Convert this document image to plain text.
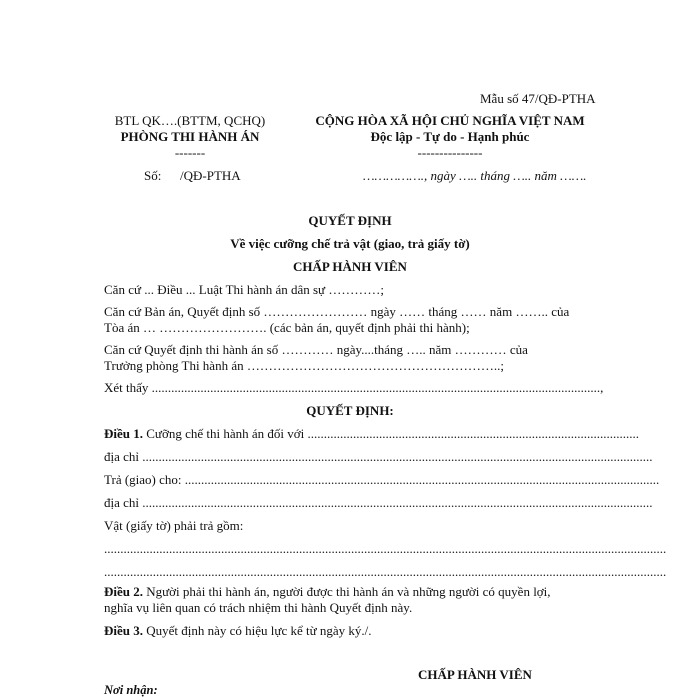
Mẫu số 47/QĐ-PTHA
BTL QK….(BTTM, QCHQ)
PHÒNG THI HÀNH ÁN
-------
Số: /QĐ-PTHA
CỘNG HÒA XÃ HỘI CHỦ NGHĨA VIỆT NAM
Độc lập - Tự do - Hạnh phúc
---------------
……………., ngày ….. tháng ….. năm …….
QUYẾT ĐỊNH
Về việc cưỡng chế trả vật (giao, trả giấy tờ)
CHẤP HÀNH VIÊN
Căn cứ ... Điều ... Luật Thi hành án dân sự …………;
Căn cứ Bản án, Quyết định số …………………… ngày …… tháng …… năm …….. của
Tòa án … ……………………. (các bản án, quyết định phải thi hành);
Căn cứ Quyết định thi hành án số ………… ngày....tháng ….. năm ………… của
Trưởng phòng Thi hành án …………………………………………………..;
Xét thấy ..........................................................................................................................................,
QUYẾT ĐỊNH:
Điều 1. Cưỡng chế thi hành án đối với ......................................................................................................
địa chỉ .............................................................................................................................................................
Trả (giao) cho: ..................................................................................................................................................
địa chỉ .............................................................................................................................................................
Vật (giấy tờ) phải trả gồm:
.............................................................................................................................................................................
.............................................................................................................................................................................
Điều 2. Người phải thi hành án, người được thi hành án và những người có quyền lợi,
nghĩa vụ liên quan có trách nhiệm thi hành Quyết định này.
Điều 3. Quyết định này có hiệu lực kể từ ngày ký./.
CHẤP HÀNH VIÊN
Nơi nhận:
